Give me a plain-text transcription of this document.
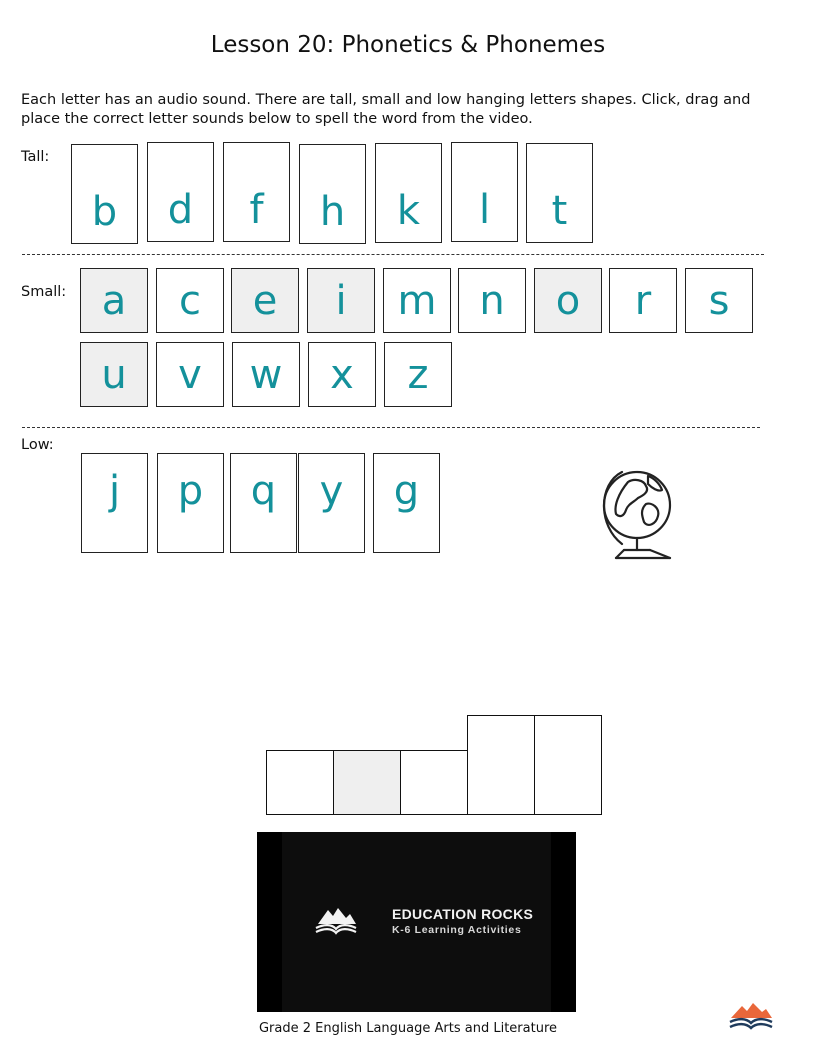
Lesson 20: Phonetics & Phonemes
Each letter has an audio sound. There are tall, small and low hanging letters shapes. Click, drag and place the correct letter sounds below to spell the word from the video.
Tall:
b	d	f	h	k	l	t
Small: a	c	e	i	m	n	o	r	s
u	v	w	x	z
Low:
j	p	q	y	g
EDUCATION ROCKS
K-6 Learning Activities
Grade 2 English Language Arts and Literature
